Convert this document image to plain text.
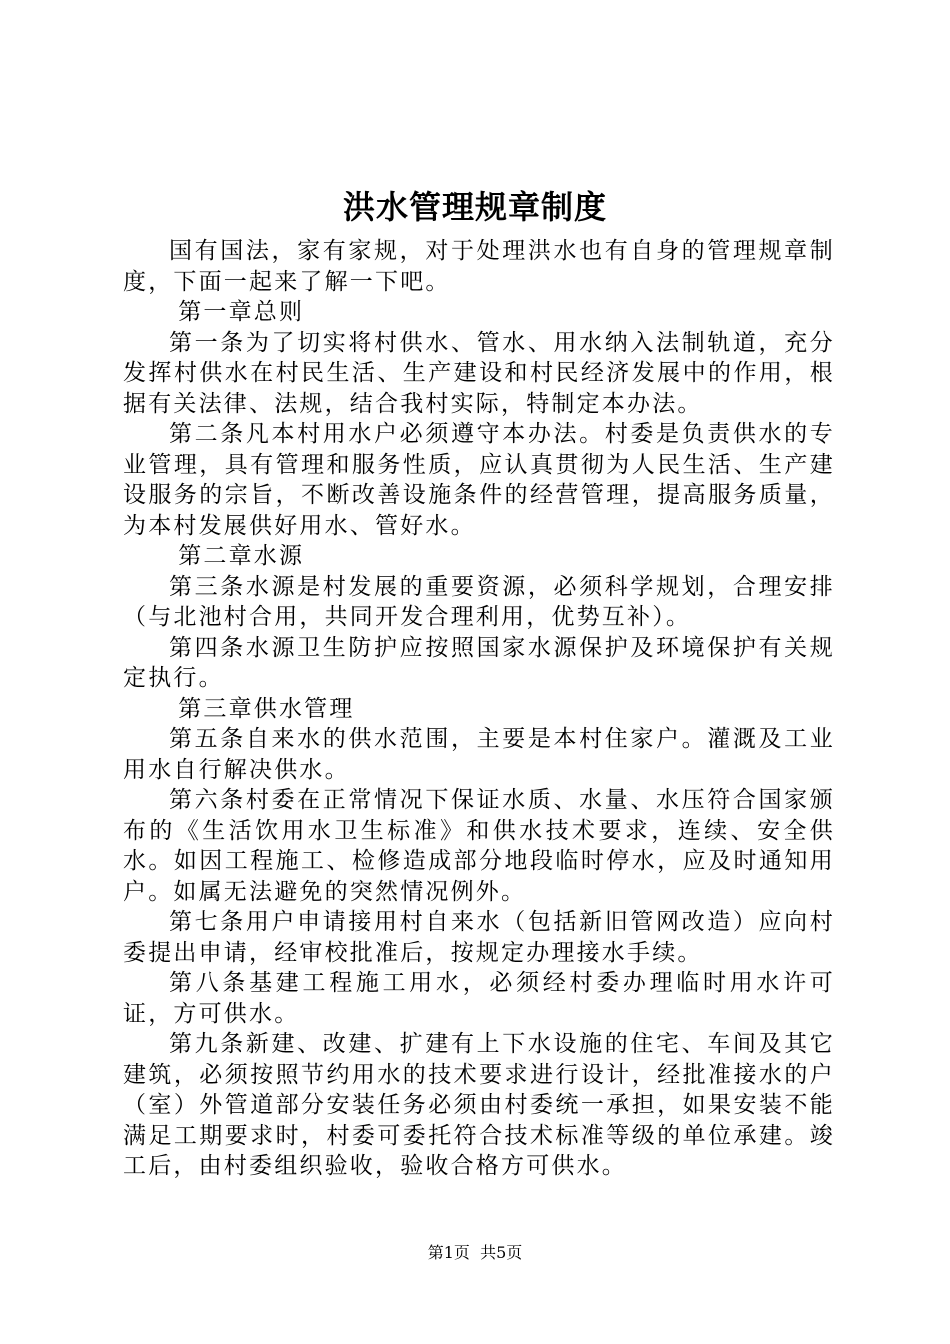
洪水管理规章制度

国有国法，家有家规，对于处理洪水也有自身的管理规章制度，下面一起来了解一下吧。

第一章总则

第一条为了切实将村供水、管水、用水纳入法制轨道，充分发挥村供水在村民生活、生产建设和村民经济发展中的作用，根据有关法律、法规，结合我村实际，特制定本办法。

第二条凡本村用水户必须遵守本办法。村委是负责供水的专业管理，具有管理和服务性质，应认真贯彻为人民生活、生产建设服务的宗旨，不断改善设施条件的经营管理，提高服务质量，为本村发展供好用水、管好水。

第二章水源

第三条水源是村发展的重要资源，必须科学规划，合理安排（与北池村合用，共同开发合理利用，优势互补）。

第四条水源卫生防护应按照国家水源保护及环境保护有关规定执行。

第三章供水管理

第五条自来水的供水范围，主要是本村住家户。灌溉及工业用水自行解决供水。

第六条村委在正常情况下保证水质、水量、水压符合国家颁布的《生活饮用水卫生标准》和供水技术要求，连续、安全供水。如因工程施工、检修造成部分地段临时停水，应及时通知用户。如属无法避免的突然情况例外。

第七条用户申请接用村自来水（包括新旧管网改造）应向村委提出申请，经审校批准后，按规定办理接水手续。

第八条基建工程施工用水，必须经村委办理临时用水许可证，方可供水。

第九条新建、改建、扩建有上下水设施的住宅、车间及其它建筑，必须按照节约用水的技术要求进行设计，经批准接水的户（室）外管道部分安装任务必须由村委统一承担，如果安装不能满足工期要求时，村委可委托符合技术标准等级的单位承建。竣工后，由村委组织验收，验收合格方可供水。

第1页 共5页
